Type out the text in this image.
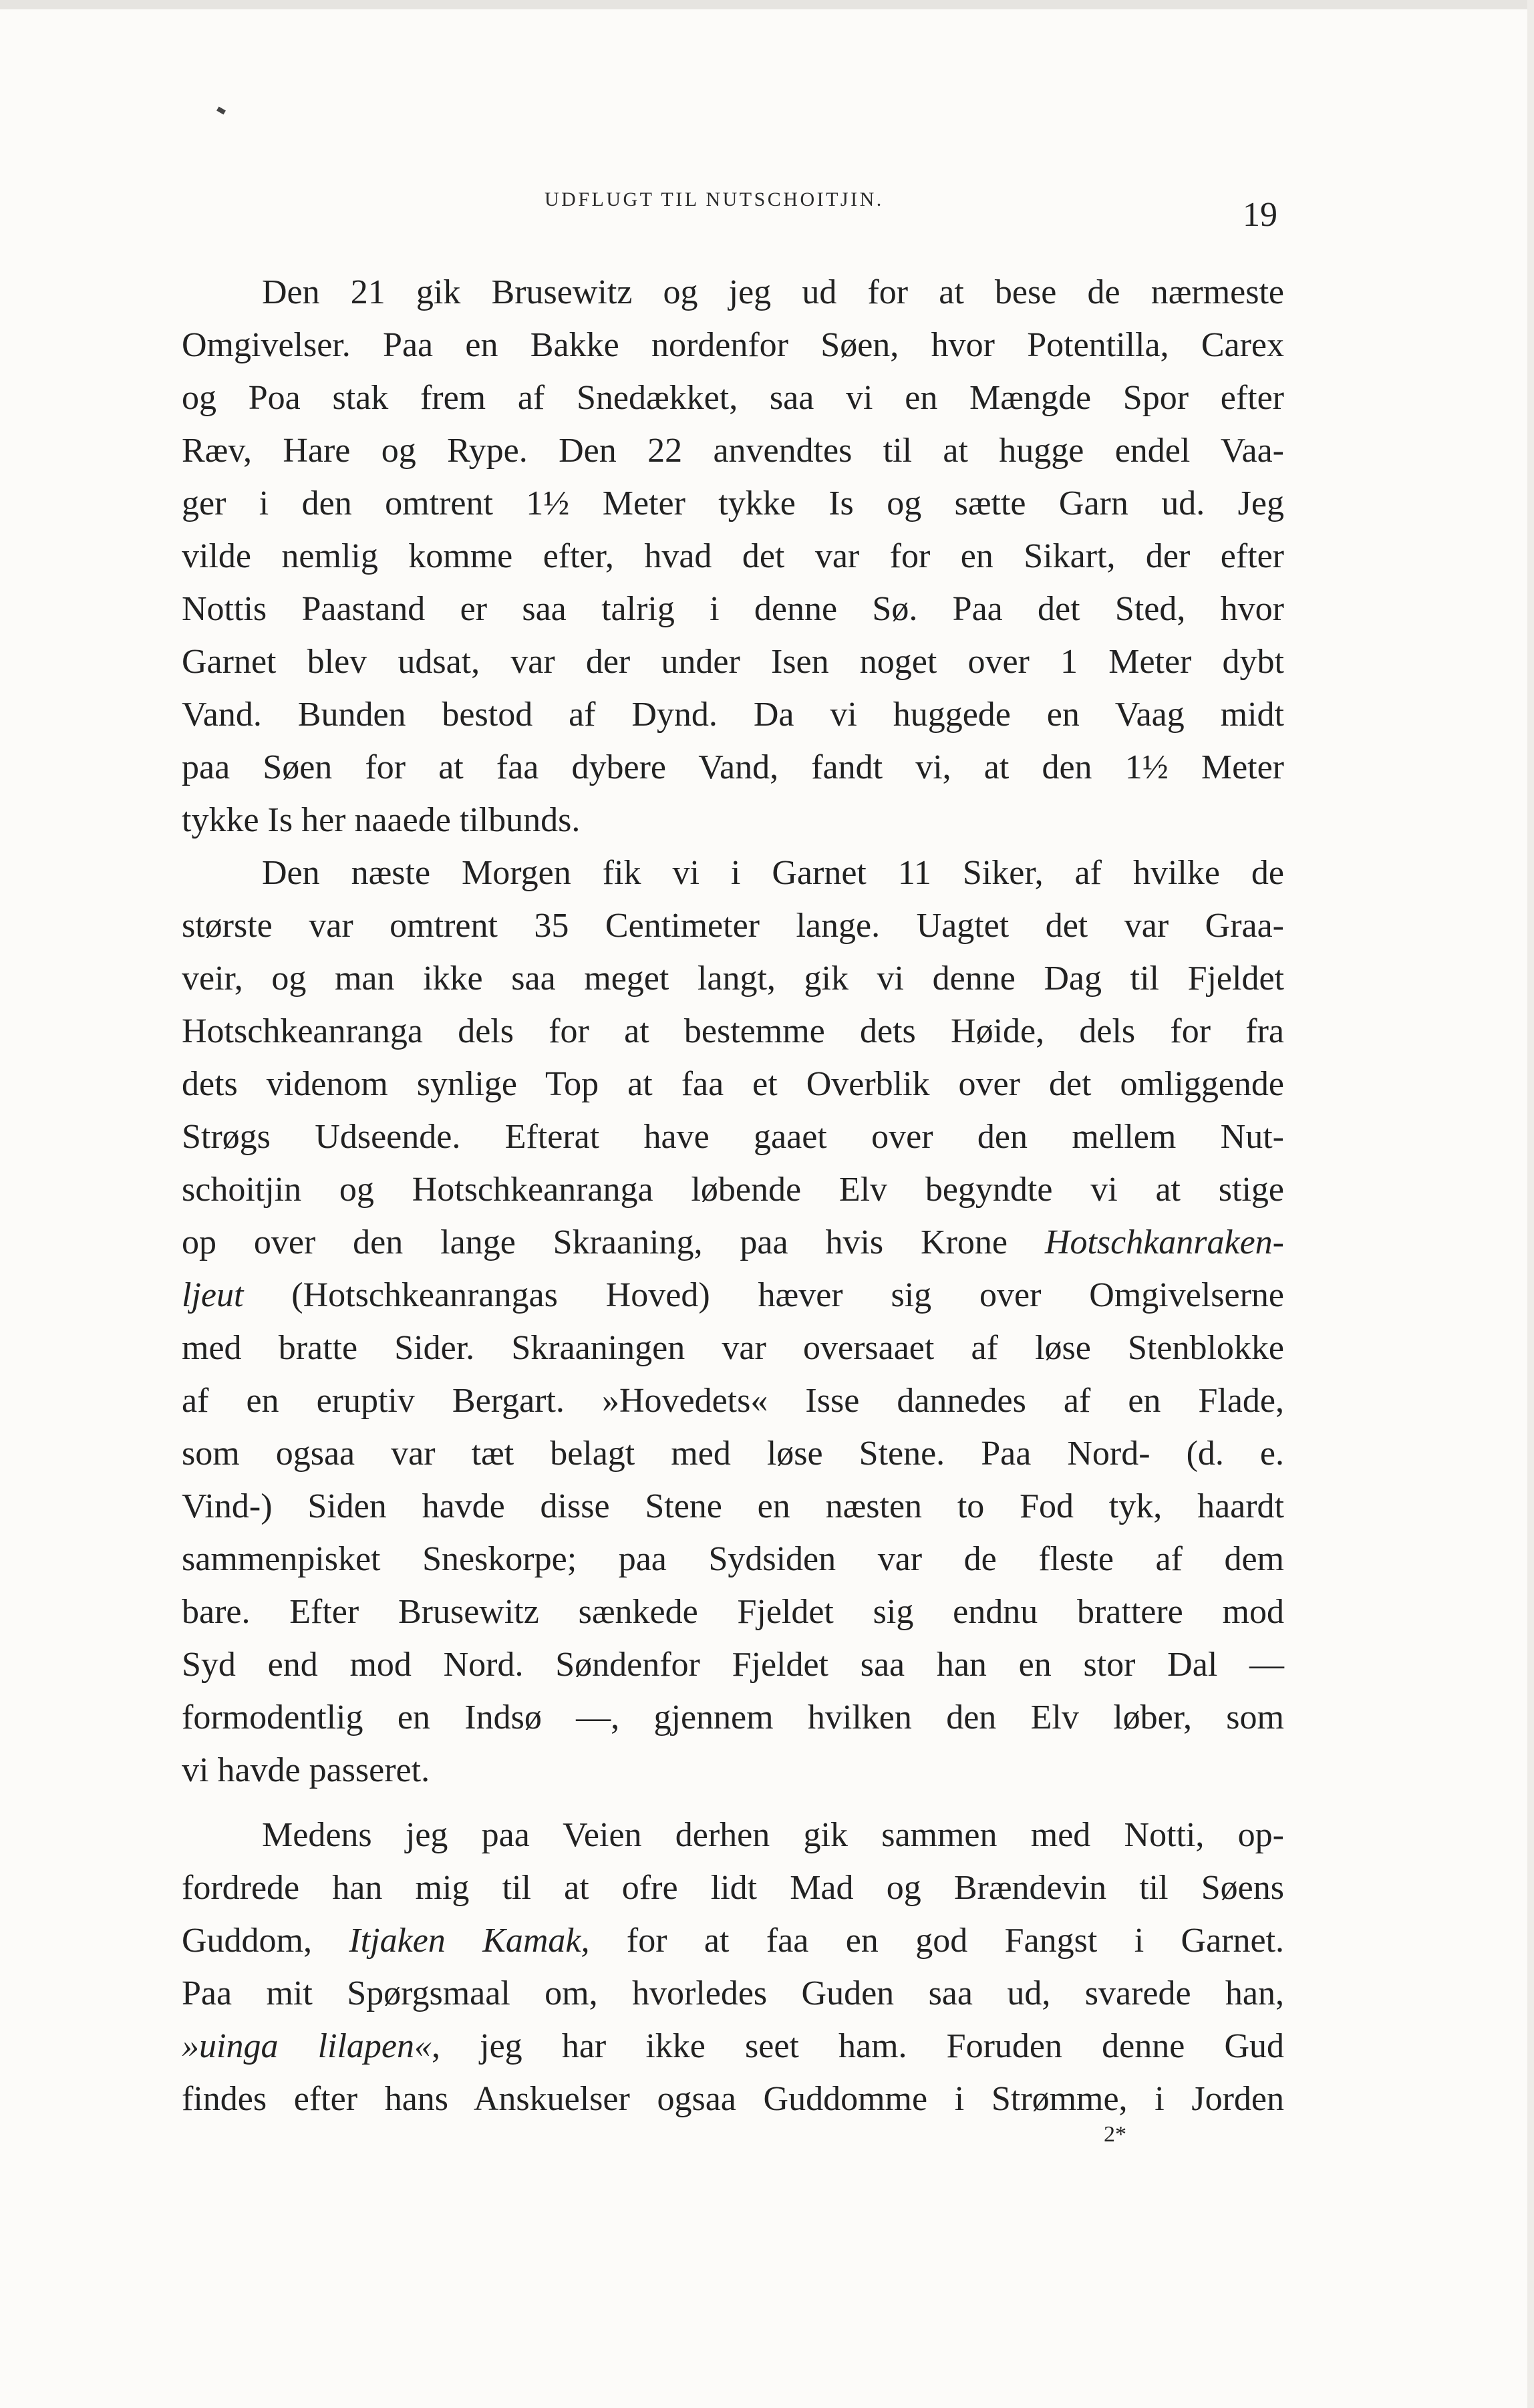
UDFLUGT TIL NUTSCHOITJIN.	19
Den 21 gik Brusewitz og jeg ud for at bese de nærmeste
Omgivelser. Paa en Bakke nordenfor Søen, hvor Potentilla, Carex
og Poa stak frem af Snedækket, saa vi en Mængde Spor efter
Ræv, Hare og Rype. Den 22 anvendtes til at hugge endel Vaa-
ger i den omtrent 1½ Meter tykke Is og sætte Garn ud. Jeg
vilde nemlig komme efter, hvad det var for en Sikart, der efter
Nottis Paastand er saa talrig i denne Sø. Paa det Sted, hvor
Garnet blev udsat, var der under Isen noget over 1 Meter dybt
Vand. Bunden bestod af Dynd. Da vi huggede en Vaag midt
paa Søen for at faa dybere Vand, fandt vi, at den 1½ Meter
tykke Is her naaede tilbunds.
Den næste Morgen fik vi i Garnet 11 Siker, af hvilke de
største var omtrent 35 Centimeter lange. Uagtet det var Graa-
veir, og man ikke saa meget langt, gik vi denne Dag til Fjeldet
Hotschkeanranga dels for at bestemme dets Høide, dels for fra
dets videnom synlige Top at faa et Overblik over det omliggende
Strøgs Udseende. Efterat have gaaet over den mellem Nut-
schoitjin og Hotschkeanranga løbende Elv begyndte vi at stige
op over den lange Skraaning, paa hvis Krone Hotschkanraken-
ljeut (Hotschkeanrangas Hoved) hæver sig over Omgivelserne
med bratte Sider. Skraaningen var oversaaet af løse Stenblokke
af en eruptiv Bergart. »Hovedets« Isse dannedes af en Flade,
som ogsaa var tæt belagt med løse Stene. Paa Nord- (d. e.
Vind-) Siden havde disse Stene en næsten to Fod tyk, haardt
sammenpisket Sneskorpe; paa Sydsiden var de fleste af dem
bare. Efter Brusewitz sænkede Fjeldet sig endnu brattere mod
Syd end mod Nord. Søndenfor Fjeldet saa han en stor Dal —
formodentlig en Indsø —, gjennem hvilken den Elv løber, som
vi havde passeret.
Medens jeg paa Veien derhen gik sammen med Notti, op-
fordrede han mig til at ofre lidt Mad og Brændevin til Søens
Guddom, Itjaken Kamak, for at faa en god Fangst i Garnet.
Paa mit Spørgsmaal om, hvorledes Guden saa ud, svarede han,
»uinga lilapen«, jeg har ikke seet ham. Foruden denne Gud
findes efter hans Anskuelser ogsaa Guddomme i Strømme, i Jorden
2*
